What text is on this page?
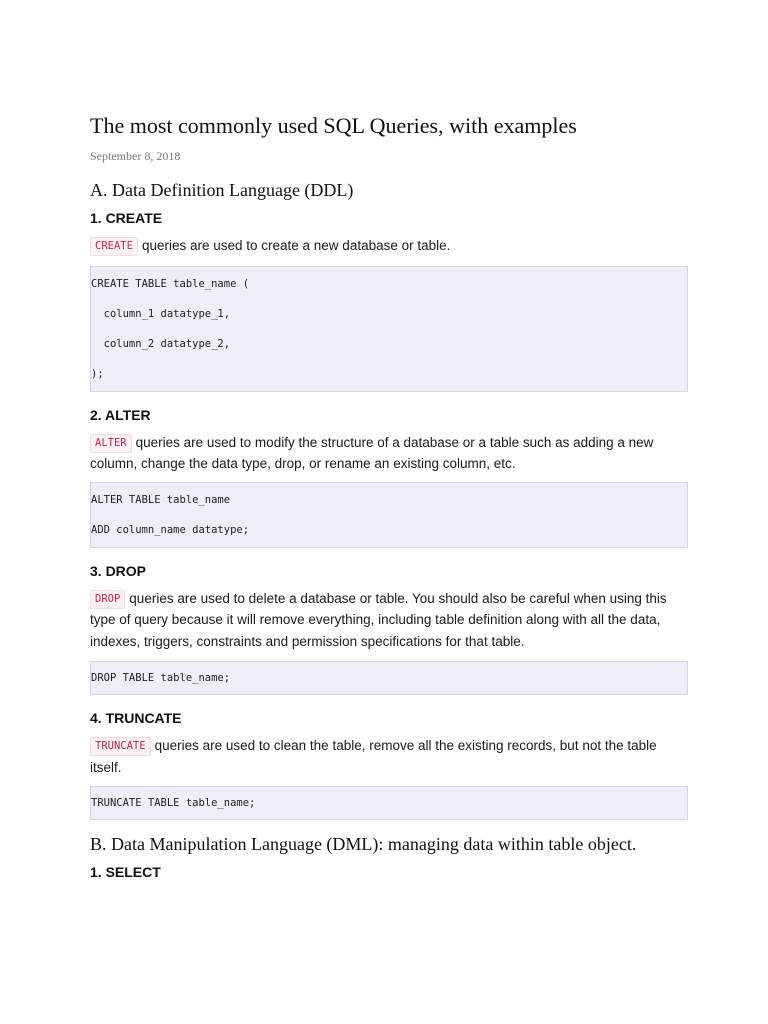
The most commonly used SQL Queries, with examples
September 8, 2018
A. Data Definition Language (DDL)
1. CREATE

CREATE queries are used to create a new database or table.

CREATE TABLE table_name (
column_1 datatype_1,
column_2 datatype_2,
);
2. ALTER

ALTER queries are used to modify the structure of a database or a table such as adding a new column, change the data type, drop, or rename an existing column, etc.

ALTER TABLE table_name
ADD column_name datatype;
3. DROP

DROP queries are used to delete a database or table. You should also be careful when using this type of query because it will remove everything, including table definition along with all the data, indexes, triggers, constraints and permission specifications for that table.

DROP TABLE table_name;
4. TRUNCATE

TRUNCATE queries are used to clean the table, remove all the existing records, but not the table itself.

TRUNCATE TABLE table_name;
B. Data Manipulation Language (DML): managing data within table object.
1. SELECT
